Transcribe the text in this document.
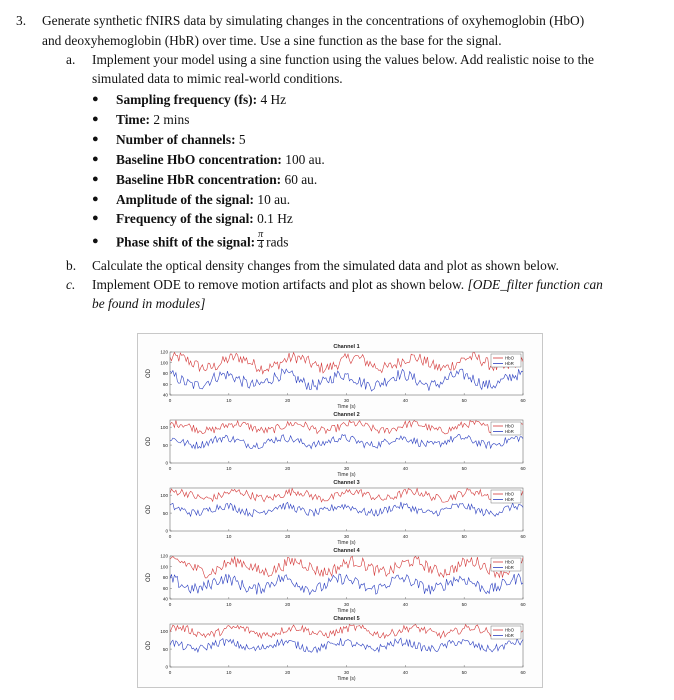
3. Generate synthetic fNIRS data by simulating changes in the concentrations of oxyhemoglobin (HbO)
and deoxyhemoglobin (HbR) over time. Use a sine function as the base for the signal.
a. Implement your model using a sine function using the values below. Add realistic noise to the
simulated data to mimic real-world conditions.
● Sampling frequency (fs): 4 Hz
● Time: 2 mins
● Number of channels: 5
● Baseline HbO concentration: 100 au.
● Baseline HbR concentration: 60 au.
● Amplitude of the signal: 10 au.
● Frequency of the signal: 0.1 Hz
● Phase shift of the signal: $\frac{\pi}{4}$ rads
b. Calculate the optical density changes from the simulated data and plot as shown below.
c. Implement ODE to remove motion artifacts and plot as shown below. [ODE_filter function can
be found in modules]
Channel 1
OD
120
100
80
60
40
0	10	20	30	40	50	60
Time (s)
HbO
HbR
Channel 2
OD
100
50
0
0	10	20	30	40	50	60
Time (s)
HbO
HbR
Channel 3
OD
100
50
0
0	10	20	30	40	50	60
Time (s)
HbO
HbR
Channel 4
OD
120
100
80
60
40
0	10	20	30	40	50	60
Time (s)
HbO
HbR
Channel 5
OD
100
50
0
0	10	20	30	40	50	60
Time (s)
HbO
HbR
